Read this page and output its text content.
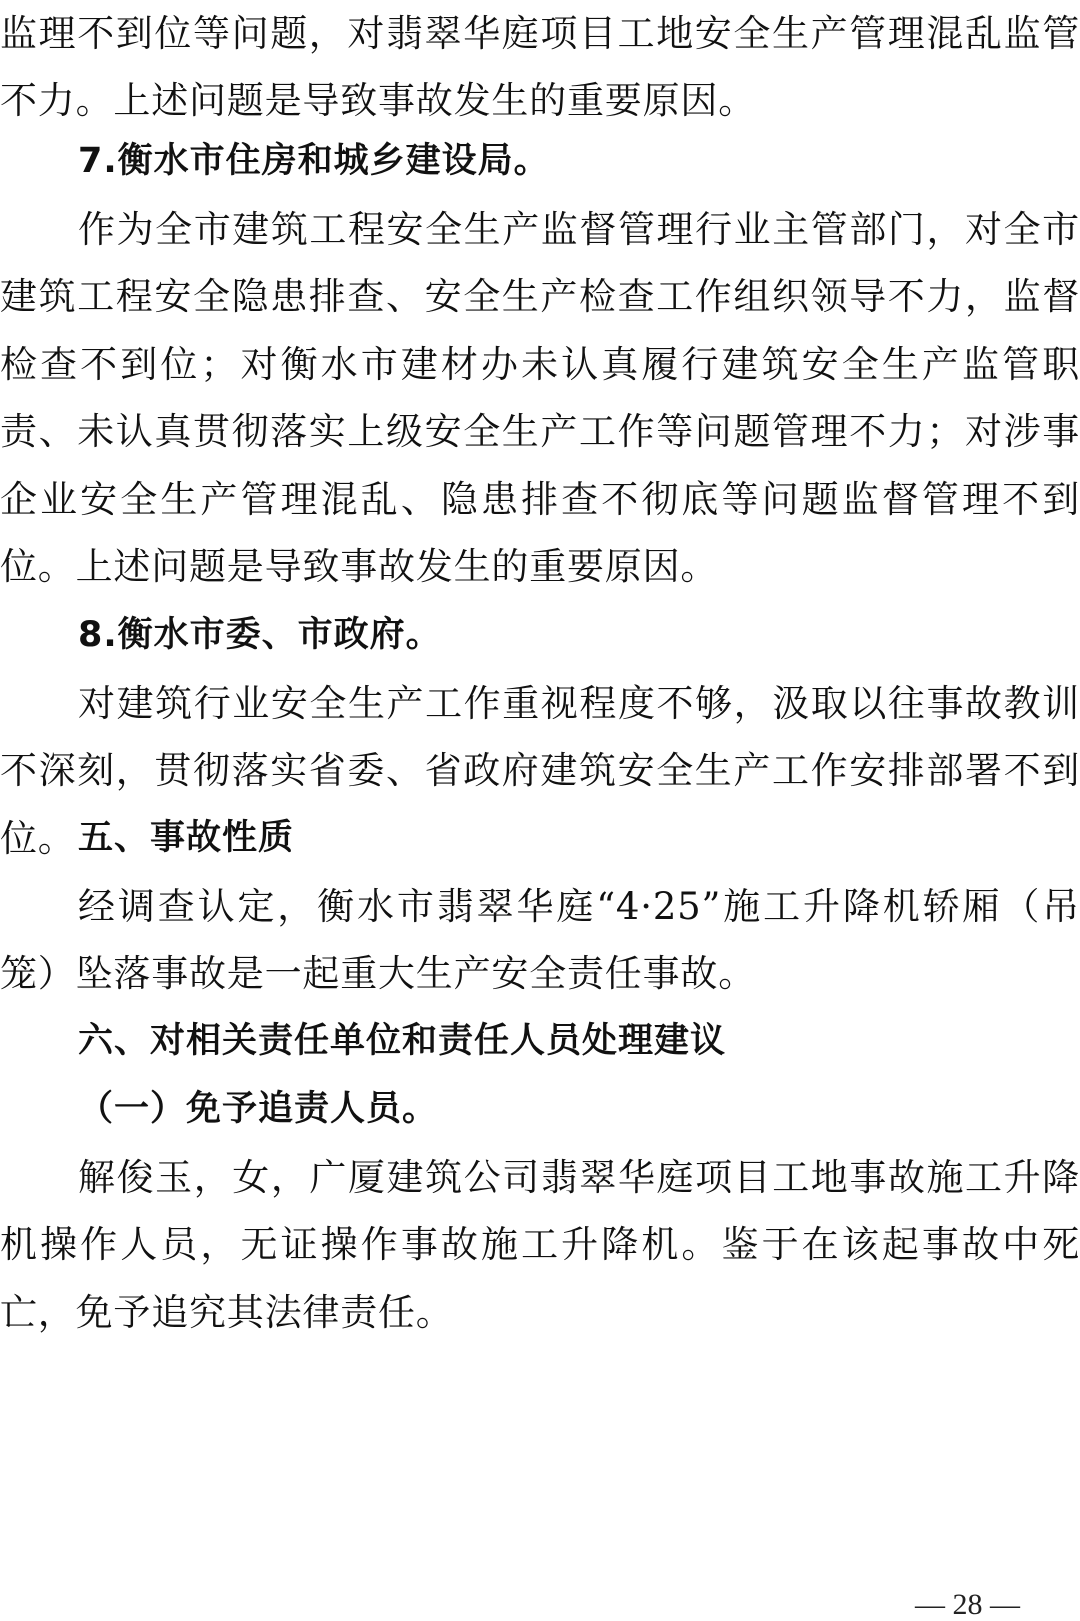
监理不到位等问题，对翡翠华庭项目工地安全生产管理混乱监管不力。上述问题是导致事故发生的重要原因。

7.衡水市住房和城乡建设局。

作为全市建筑工程安全生产监督管理行业主管部门，对全市建筑工程安全隐患排查、安全生产检查工作组织领导不力，监督检查不到位；对衡水市建材办未认真履行建筑安全生产监管职责、未认真贯彻落实上级安全生产工作等问题管理不力；对涉事企业安全生产管理混乱、隐患排查不彻底等问题监督管理不到位。上述问题是导致事故发生的重要原因。

8.衡水市委、市政府。

对建筑行业安全生产工作重视程度不够，汲取以往事故教训不深刻，贯彻落实省委、省政府建筑安全生产工作安排部署不到位。 五、事故性质

经调查认定，衡水市翡翠华庭“4·25”施工升降机轿厢（吊笼）坠落事故是一起重大生产安全责任事故。

六、对相关责任单位和责任人员处理建议

（一）免予追责人员。

解俊玉，女，广厦建筑公司翡翠华庭项目工地事故施工升降机操作人员，无证操作事故施工升降机。鉴于在该起事故中死亡，免予追究其法律责任。

— 28 —
